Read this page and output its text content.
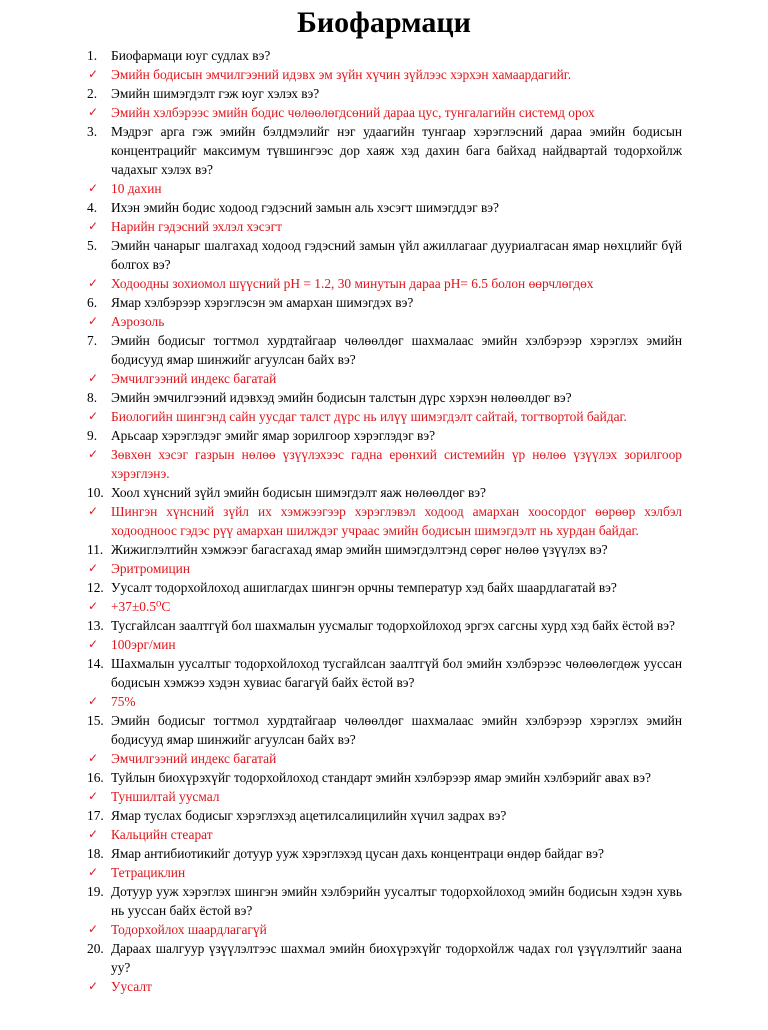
Биофармаци
1.	Биофармаци юуг судлах вэ?
✓ Эмийн бодисын эмчилгээний идэвх эм зүйн хүчин зүйлээс хэрхэн хамаардагийг.
2.	Эмийн шимэгдэлт гэж юуг хэлэх вэ?
✓ Эмийн хэлбэрээс эмийн бодис чөлөөлөгдсөний дараа цус, тунгалагийн системд орох
3.	Мэдрэг арга гэж эмийн бэлдмэлийг нэг удаагийн тунгаар хэрэглэсний дараа эмийн бодисын концентрацийг максимум түвшингээс дор хаяж хэд дахин бага байхад найдвартай тодорхойлж чадахыг хэлэх вэ?
✓ 10 дахин
4.	Ихэн эмийн бодис ходоод гэдэсний замын аль хэсэгт шимэгддэг вэ?
✓ Нарийн гэдэсний эхлэл хэсэгт
5.	Эмийн чанарыг шалгахад ходоод гэдэсний замын үйл ажиллагааг дууриалгасан ямар нөхцлийг бүй болгох вэ?
✓ Ходоодны зохиомол шүүсний pH = 1.2, 30 минутын дараа pH= 6.5 болон өөрчлөгдөх
6.	Ямар хэлбэрээр хэрэглэсэн эм амархан шимэгдэх вэ?
✓ Аэрозоль
7.	Эмийн бодисыг тогтмол хурдтайгаар чөлөөлдөг шахмалаас эмийн хэлбэрээр хэрэглэх эмийн бодисууд ямар шинжийг агуулсан байх вэ?
✓ Эмчилгээний индекс багатай
8.	Эмийн эмчилгээний идэвхэд эмийн бодисын талстын дүрс хэрхэн нөлөөлдөг вэ?
✓ Биологийн шингэнд сайн уусдаг талст дүрс нь илүү шимэгдэлт сайтай, тогтвортой байдаг.
9.	Арьсаар хэрэглэдэг эмийг ямар зорилгоор хэрэглэдэг вэ?
✓ Зөвхөн хэсэг газрын нөлөө үзүүлэхээс гадна ерөнхий системийн үр нөлөө үзүүлэх зорилгоор хэрэглэнэ.
10. Хоол хүнсний зүйл эмийн бодисын шимэгдэлт яаж нөлөөлдөг вэ?
✓ Шингэн хүнсний зүйл их хэмжээгээр хэрэглэвэл ходоод амархан хоосордог өөрөөр хэлбэл ходоодноос гэдэс рүү амархан шилждэг учраас эмийн бодисын шимэгдэлт нь хурдан байдаг.
11. Жижиглэлтийн хэмжээг багасгахад ямар эмийн шимэгдэлтэнд сөрөг нөлөө үзүүлэх вэ?
✓ Эритромицин
12. Уусалт тодорхойлоход ашиглагдах шингэн орчны температур хэд байх шаардлагатай вэ?
✓ +37±0.5⁰C
13. Тусгайлсан заалтгүй бол шахмалын уусмалыг тодорхойлоход эргэх сагсны хурд хэд байх ёстой вэ?
✓ 100эрг/мин
14. Шахмалын уусалтыг тодорхойлоход тусгайлсан заалтгүй бол эмийн хэлбэрээс чөлөөлөгдөж уусcан бодисын хэмжээ хэдэн хувиас багагүй байх ёстой вэ?
✓ 75%
15. Эмийн бодисыг тогтмол хурдтайгаар чөлөөлдөг шахмалаас эмийн хэлбэрээр хэрэглэх эмийн бодисууд ямар шинжийг агуулсан байх вэ?
✓ Эмчилгээний индекс багатай
16. Туйлын биохүрэхүйг тодорхойлоход стандарт эмийн хэлбэрээр ямар эмийн хэлбэрийг авах вэ?
✓ Туншилтай уусмал
17. Ямар туслах бодисыг хэрэглэхэд ацетилсалицилийн хүчил задрах вэ?
✓ Кальцийн стеарат
18. Ямар антибиотикийг дотуур ууж хэрэглэхэд цусан дахь концентраци өндөр байдаг вэ?
✓ Тетрациклин
19. Дотуур ууж хэрэглэх шингэн эмийн хэлбэрийн уусалтыг тодорхойлоход эмийн бодисын хэдэн хувь нь ууссан байх ёстой вэ?
✓ Тодорхойлох шаардлагагүй
20. Дараах шалгуур үзүүлэлтээс шахмал эмийн биохүрэхүйг тодорхойлж чадах гол үзүүлэлтийг заана уу?
✓ Уусалт
